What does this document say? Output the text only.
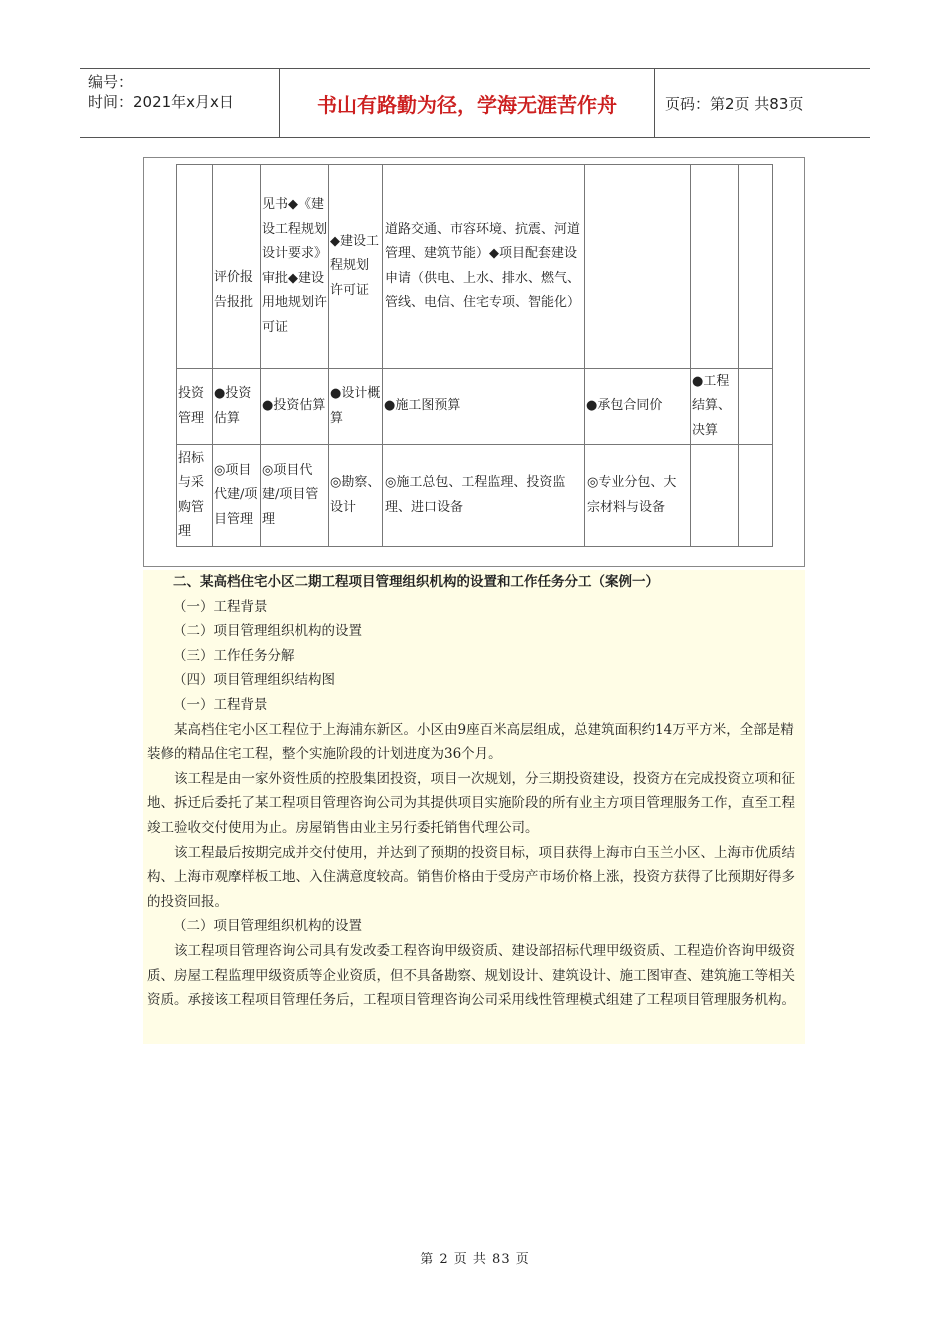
编号：
时间：2021年x月x日	书山有路勤为径，学海无涯苦作舟	页码：第2页 共83页
	评价报告报批	见书◆《建设工程规划设计要求》审批◆建设用地规划许可证	◆建设工程规划许可证	道路交通、市容环境、抗震、河道管理、建筑节能）◆项目配套建设申请（供电、上水、排水、燃气、管线、电信、住宅专项、智能化）			
投资管理	●投资估算	●投资估算	●设计概算	●施工图预算	●承包合同价	●工程结算、决算	
招标与采购管理	◎项目代建/项目管理	◎项目代建/项目管理	◎勘察、设计	◎施工总包、工程监理、投资监理、进口设备	◎专业分包、大宗材料与设备		

二、某高档住宅小区二期工程项目管理组织机构的设置和工作任务分工（案例一）

（一）工程背景

（二）项目管理组织机构的设置

（三）工作任务分解

（四）项目管理组织结构图

（一）工程背景

某高档住宅小区工程位于上海浦东新区。小区由9座百米高层组成，总建筑面积约14万平方米，全部是精装修的精品住宅工程，整个实施阶段的计划进度为36个月。

该工程是由一家外资性质的控股集团投资，项目一次规划，分三期投资建设，投资方在完成投资立项和征地、拆迁后委托了某工程项目管理咨询公司为其提供项目实施阶段的所有业主方项目管理服务工作，直至工程竣工验收交付使用为止。房屋销售由业主另行委托销售代理公司。

该工程最后按期完成并交付使用，并达到了预期的投资目标，项目获得上海市白玉兰小区、上海市优质结构、上海市观摩样板工地、入住满意度较高。销售价格由于受房产市场价格上涨，投资方获得了比预期好得多的投资回报。

（二）项目管理组织机构的设置

该工程项目管理咨询公司具有发改委工程咨询甲级资质、建设部招标代理甲级资质、工程造价咨询甲级资质、房屋工程监理甲级资质等企业资质，但不具备勘察、规划设计、建筑设计、施工图审查、建筑施工等相关资质。承接该工程项目管理任务后，工程项目管理咨询公司采用线性管理模式组建了工程项目管理服务机构。

第 2 页 共 83 页
